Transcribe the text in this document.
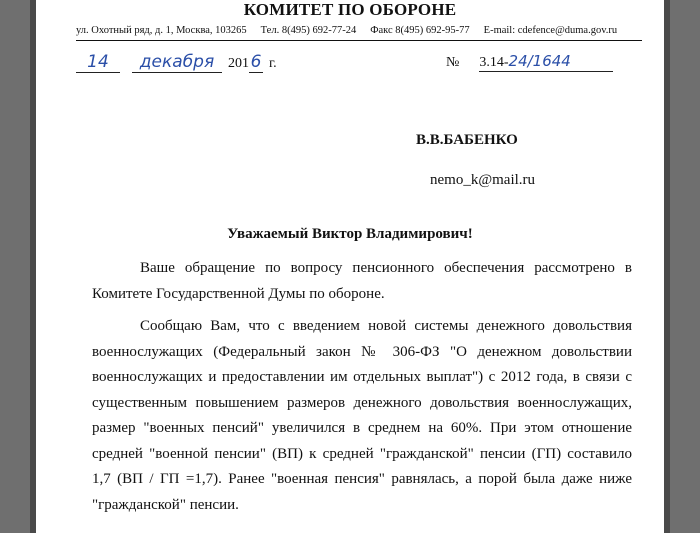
КОМИТЕТ ПО ОБОРОНЕ
ул. Охотный ряд, д. 1, Москва, 103265 Тел. 8(495) 692-77-24 Факс 8(495) 692-95-77 E-mail: cdefence@duma.gov.ru
14 декабря 2016 г.	№ 3.14-24/1644
В.В.БАБЕНКО
nemo_k@mail.ru
Уважаемый Виктор Владимирович!

Ваше обращение по вопросу пенсионного обеспечения рассмотрено в Комитете Государственной Думы по обороне.

Сообщаю Вам, что с введением новой системы денежного довольствия военнослужащих (Федеральный закон № 306-ФЗ "О денежном довольствии военнослужащих и предоставлении им отдельных выплат") с 2012 года, в связи с существенным повышением размеров денежного довольствия военнослужащих, размер "военных пенсий" увеличился в среднем на 60%. При этом отношение средней "военной пенсии" (ВП) к средней "гражданской" пенсии (ГП) составило 1,7 (ВП / ГП =1,7). Ранее "военная пенсия" равнялась, а порой была даже ниже "гражданской" пенсии.
